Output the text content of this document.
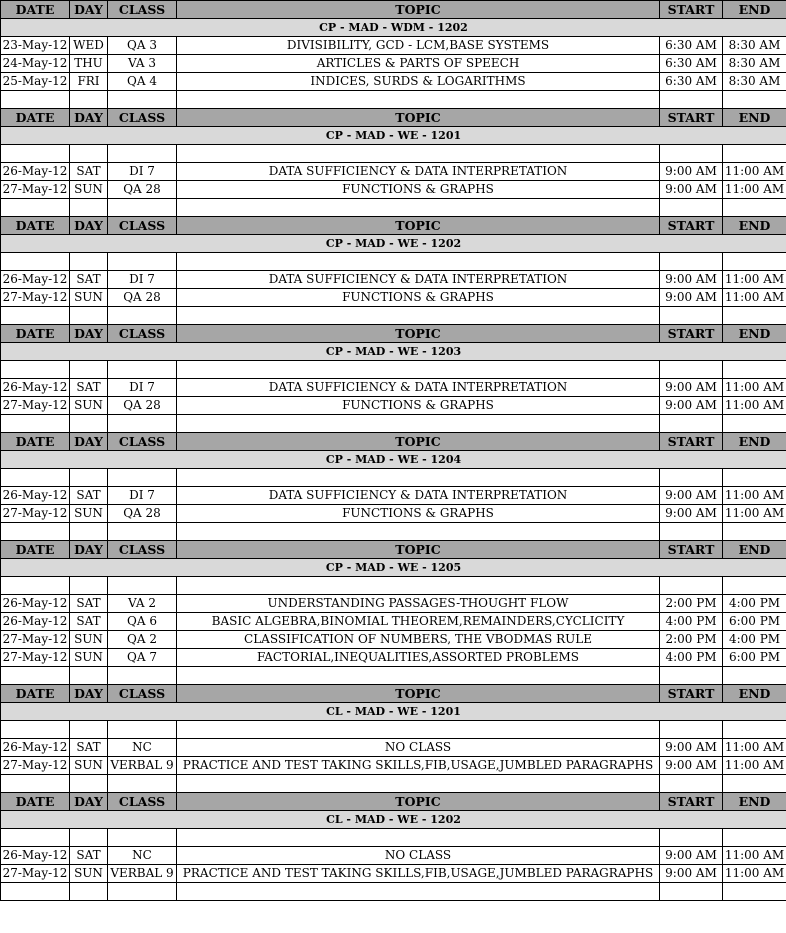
DATE	DAY	CLASS	TOPIC	START	END
CP - MAD - WDM - 1202					
23-May-12	WED	QA 3	DIVISIBILITY, GCD - LCM,BASE SYSTEMS	6:30 AM	8:30 AM
24-May-12	THU	VA 3	ARTICLES & PARTS OF SPEECH	6:30 AM	8:30 AM
25-May-12	FRI	QA 4	INDICES, SURDS & LOGARITHMS	6:30 AM	8:30 AM

DATE	DAY	CLASS	TOPIC	START	END
CP - MAD - WE - 1201					

26-May-12	SAT	DI 7	DATA SUFFICIENCY & DATA INTERPRETATION	9:00 AM	11:00 AM
27-May-12	SUN	QA 28	FUNCTIONS & GRAPHS	9:00 AM	11:00 AM

DATE	DAY	CLASS	TOPIC	START	END
CP - MAD - WE - 1202					

26-May-12	SAT	DI 7	DATA SUFFICIENCY & DATA INTERPRETATION	9:00 AM	11:00 AM
27-May-12	SUN	QA 28	FUNCTIONS & GRAPHS	9:00 AM	11:00 AM

DATE	DAY	CLASS	TOPIC	START	END
CP - MAD - WE - 1203					

26-May-12	SAT	DI 7	DATA SUFFICIENCY & DATA INTERPRETATION	9:00 AM	11:00 AM
27-May-12	SUN	QA 28	FUNCTIONS & GRAPHS	9:00 AM	11:00 AM

DATE	DAY	CLASS	TOPIC	START	END
CP - MAD - WE - 1204					

26-May-12	SAT	DI 7	DATA SUFFICIENCY & DATA INTERPRETATION	9:00 AM	11:00 AM
27-May-12	SUN	QA 28	FUNCTIONS & GRAPHS	9:00 AM	11:00 AM

DATE	DAY	CLASS	TOPIC	START	END
CP - MAD - WE - 1205					

26-May-12	SAT	VA 2	UNDERSTANDING PASSAGES-THOUGHT FLOW	2:00 PM	4:00 PM
26-May-12	SAT	QA 6	BASIC ALGEBRA,BINOMIAL THEOREM,REMAINDERS,CYCLICITY	4:00 PM	6:00 PM
27-May-12	SUN	QA 2	CLASSIFICATION OF NUMBERS, THE VBODMAS RULE	2:00 PM	4:00 PM
27-May-12	SUN	QA 7	FACTORIAL,INEQUALITIES,ASSORTED PROBLEMS	4:00 PM	6:00 PM

DATE	DAY	CLASS	TOPIC	START	END
CL - MAD - WE - 1201					

26-May-12	SAT	NC	NO CLASS	9:00 AM	11:00 AM
27-May-12	SUN	VERBAL 9	PRACTICE AND TEST TAKING SKILLS,FIB,USAGE,JUMBLED PARAGRAPHS	9:00 AM	11:00 AM

DATE	DAY	CLASS	TOPIC	START	END
CL - MAD - WE - 1202					

26-May-12	SAT	NC	NO CLASS	9:00 AM	11:00 AM
27-May-12	SUN	VERBAL 9	PRACTICE AND TEST TAKING SKILLS,FIB,USAGE,JUMBLED PARAGRAPHS	9:00 AM	11:00 AM
